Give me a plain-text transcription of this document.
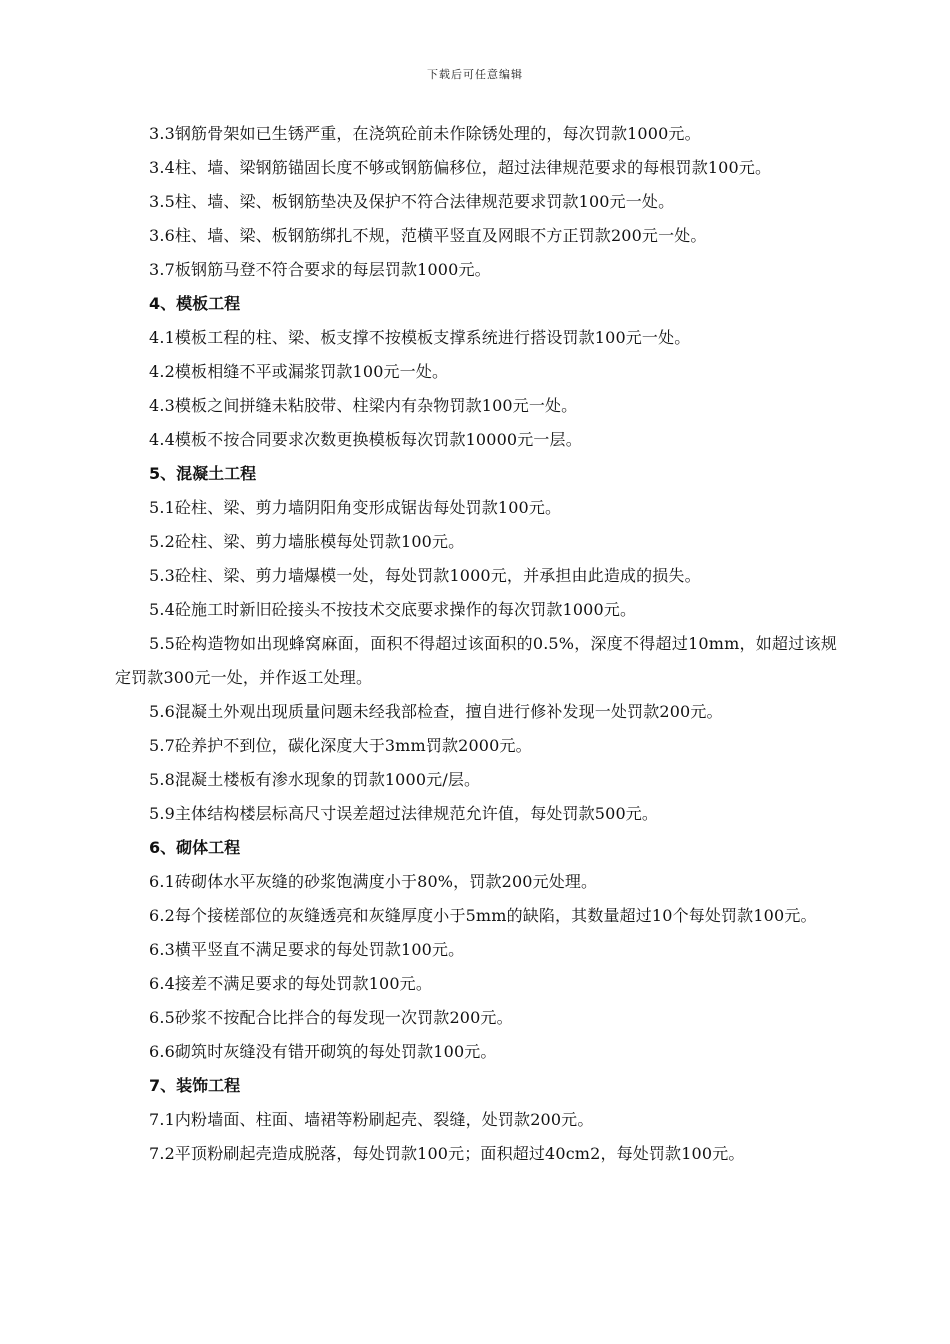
下载后可任意编辑

3.3钢筋骨架如已生锈严重，在浇筑砼前未作除锈处理的，每次罚款1000元。

3.4柱、墙、梁钢筋锚固长度不够或钢筋偏移位，超过法律规范要求的每根罚款100元。

3.5柱、墙、梁、板钢筋垫决及保护不符合法律规范要求罚款100元一处。

3.6柱、墙、梁、板钢筋绑扎不规，范横平竖直及网眼不方正罚款200元一处。

3.7板钢筋马登不符合要求的每层罚款1000元。

4、模板工程

4.1模板工程的柱、梁、板支撑不按模板支撑系统进行搭设罚款100元一处。

4.2模板相缝不平或漏浆罚款100元一处。

4.3模板之间拼缝未粘胶带、柱梁内有杂物罚款100元一处。

4.4模板不按合同要求次数更换模板每次罚款10000元一层。

5、混凝土工程

5.1砼柱、梁、剪力墙阴阳角变形成锯齿每处罚款100元。

5.2砼柱、梁、剪力墙胀模每处罚款100元。

5.3砼柱、梁、剪力墙爆模一处，每处罚款1000元，并承担由此造成的损失。

5.4砼施工时新旧砼接头不按技术交底要求操作的每次罚款1000元。

5.5砼构造物如出现蜂窝麻面，面积不得超过该面积的0.5%，深度不得超过10mm，如超过该规定罚款300元一处，并作返工处理。

5.6混凝土外观出现质量问题未经我部检查，擅自进行修补发现一处罚款200元。

5.7砼养护不到位，碳化深度大于3mm罚款2000元。

5.8混凝土楼板有渗水现象的罚款1000元/层。

5.9主体结构楼层标高尺寸误差超过法律规范允许值，每处罚款500元。

6、砌体工程

6.1砖砌体水平灰缝的砂浆饱满度小于80%，罚款200元处理。

6.2每个接槎部位的灰缝透亮和灰缝厚度小于5mm的缺陷，其数量超过10个每处罚款100元。

6.3横平竖直不满足要求的每处罚款100元。

6.4接差不满足要求的每处罚款100元。

6.5砂浆不按配合比拌合的每发现一次罚款200元。

6.6砌筑时灰缝没有错开砌筑的每处罚款100元。

7、装饰工程

7.1内粉墙面、柱面、墙裙等粉刷起壳、裂缝，处罚款200元。

7.2平顶粉刷起壳造成脱落，每处罚款100元；面积超过40cm2，每处罚款100元。
